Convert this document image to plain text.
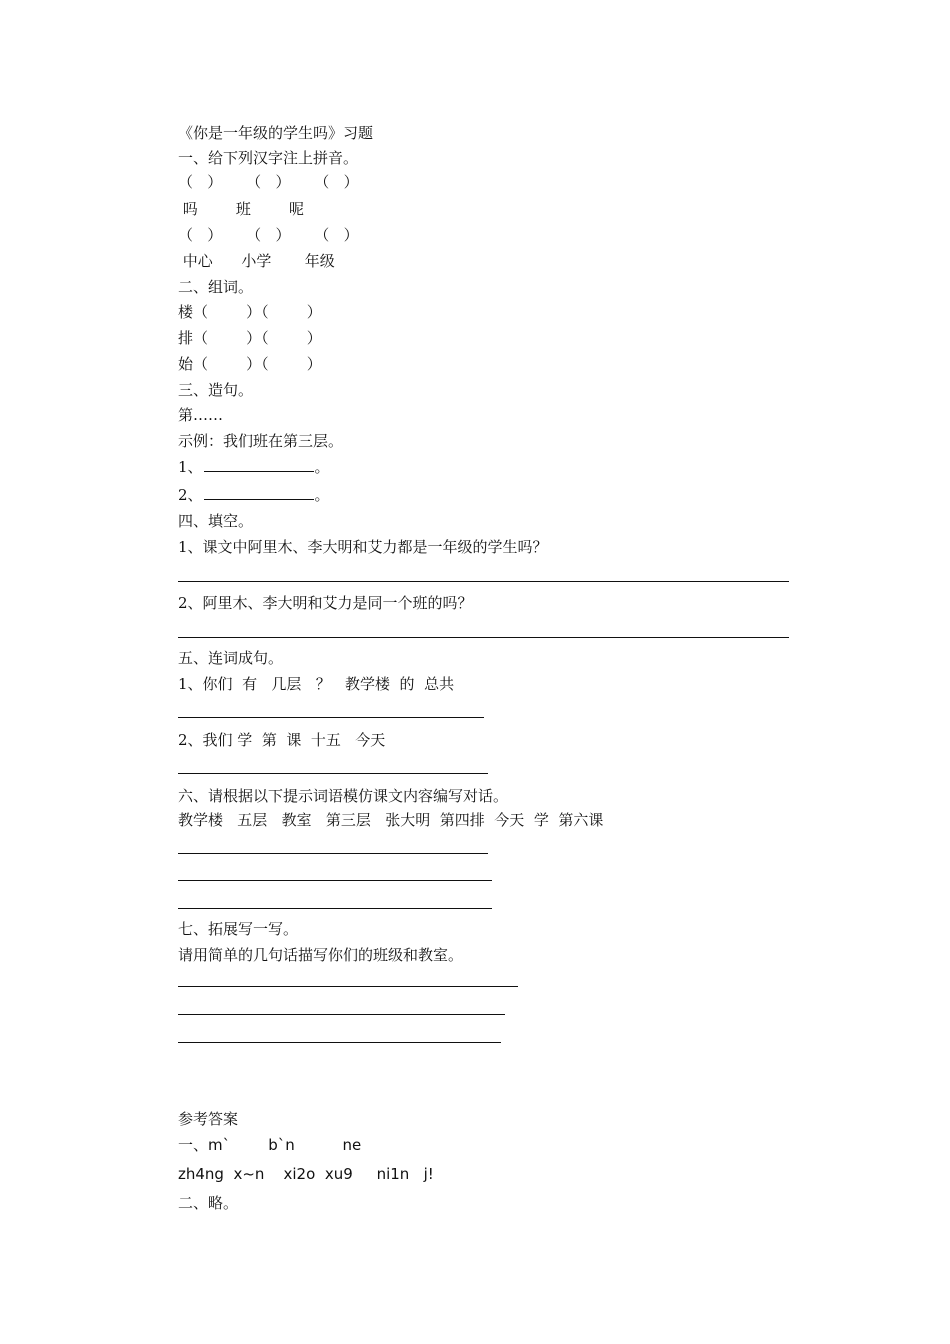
《你是一年级的学生吗》习题
一、给下列汉字注上拼音。
（   ）     （   ）     （   ）
吗        班        呢
（   ）     （   ）     （   ）
中心      小学       年级
二、组词。
楼（        ）（        ）
排（        ）（        ）
始（        ）（        ）
三、造句。
第……
示例：我们班在第三层。
1、	。
2、	。
四、填空。
1、课文中阿里木、李大明和艾力都是一年级的学生吗？
2、阿里木、李大明和艾力是同一个班的吗？
五、连词成句。
1、你们  有   几层   ？   教学楼  的  总共
2、我们 学  第  课  十五   今天
六、请根据以下提示词语模仿课文内容编写对话。
教学楼   五层   教室   第三层   张大明  第四排  今天  学  第六课
七、拓展写一写。
请用简单的几句话描写你们的班级和教室。
参考答案
一、m`        b`n          ne
zh4ng  x~n    xi2o  xu9     ni1n   j!
二、略。
